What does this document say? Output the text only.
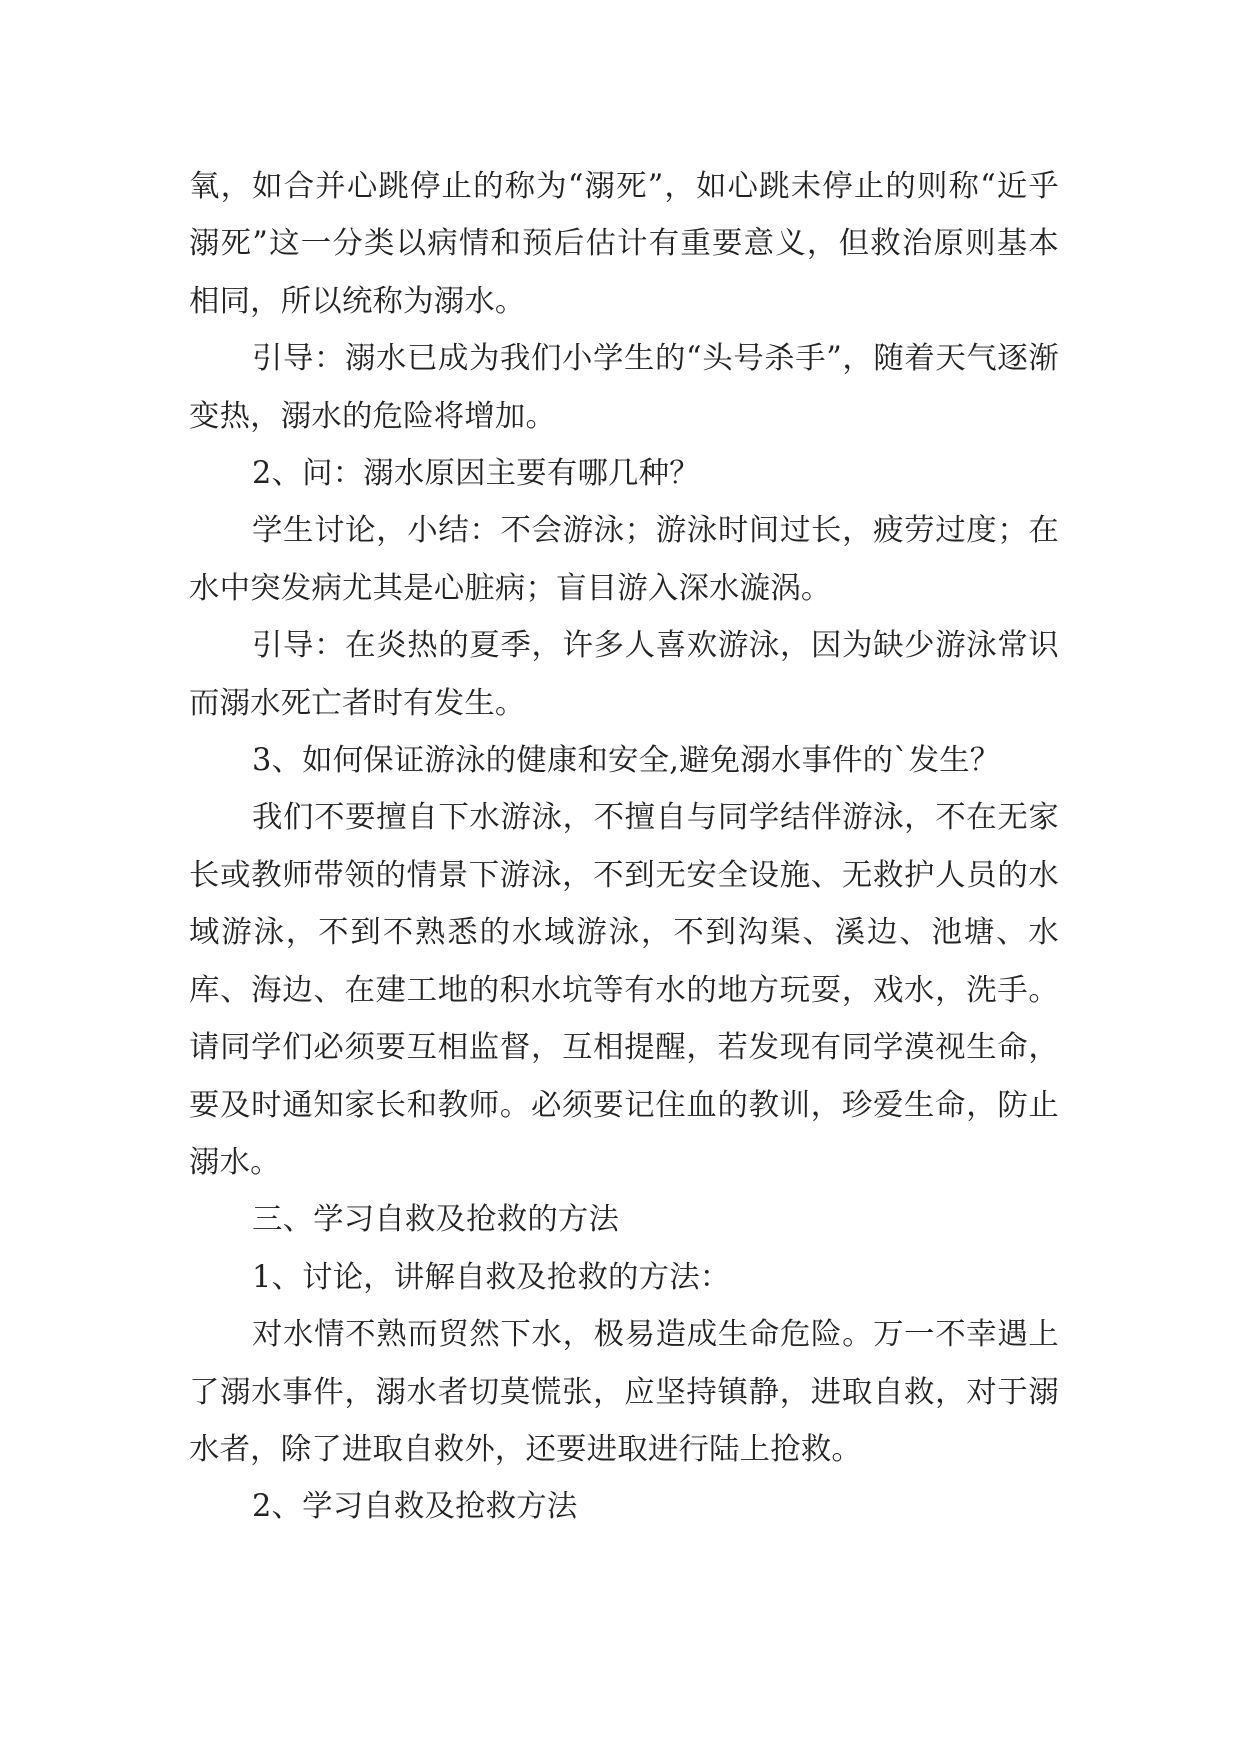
氧，如合并心跳停止的称为“溺死”，如心跳未停止的则称“近乎溺死”这一分类以病情和预后估计有重要意义，但救治原则基本相同，所以统称为溺水。

引导：溺水已成为我们小学生的“头号杀手”，随着天气逐渐变热，溺水的危险将增加。

2、问：溺水原因主要有哪几种？

学生讨论，小结：不会游泳；游泳时间过长，疲劳过度；在水中突发病尤其是心脏病；盲目游入深水漩涡。

引导：在炎热的夏季，许多人喜欢游泳，因为缺少游泳常识而溺水死亡者时有发生。

3、如何保证游泳的健康和安全,避免溺水事件的`发生？

我们不要擅自下水游泳，不擅自与同学结伴游泳，不在无家长或教师带领的情景下游泳，不到无安全设施、无救护人员的水域游泳，不到不熟悉的水域游泳，不到沟渠、溪边、池塘、水库、海边、在建工地的积水坑等有水的地方玩耍，戏水，洗手。请同学们必须要互相监督，互相提醒，若发现有同学漠视生命，要及时通知家长和教师。必须要记住血的教训，珍爱生命，防止溺水。

三、学习自救及抢救的方法

1、讨论，讲解自救及抢救的方法：

对水情不熟而贸然下水，极易造成生命危险。万一不幸遇上了溺水事件，溺水者切莫慌张，应坚持镇静，进取自救，对于溺水者，除了进取自救外，还要进取进行陆上抢救。

2、学习自救及抢救方法
